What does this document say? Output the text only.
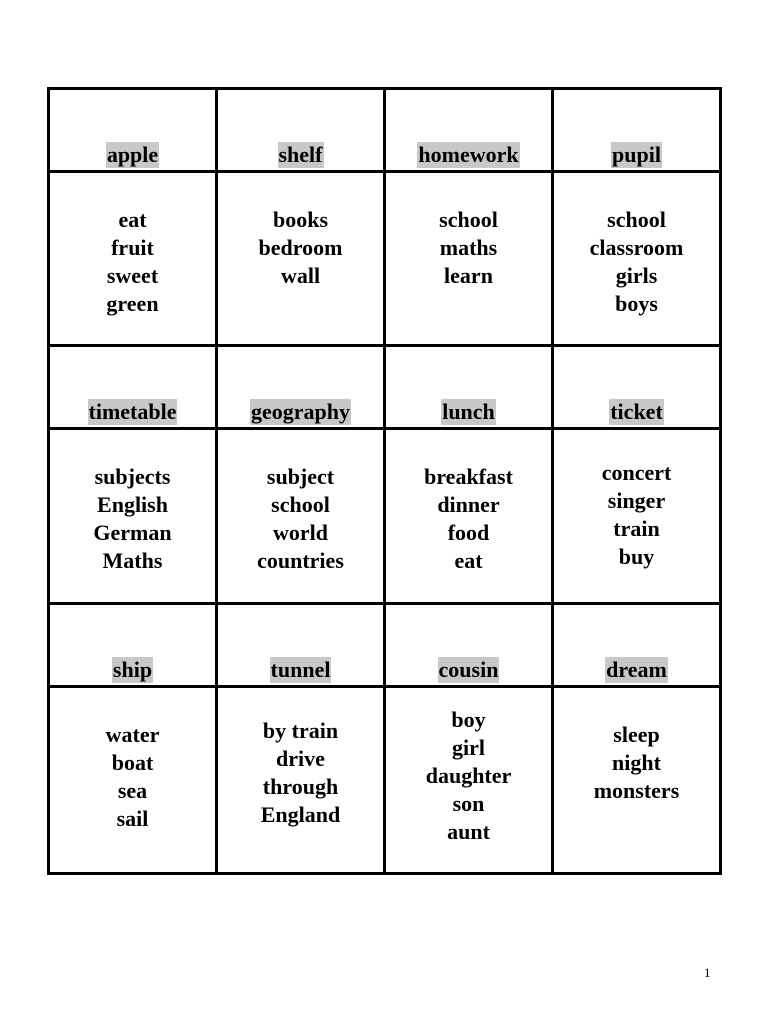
apple
eat
fruit
sweet
green
shelf
books
bedroom
wall
homework
school
maths
learn
pupil
school
classroom
girls
boys
timetable
subjects
English
German
Maths
geography
subject
school
world
countries
lunch
breakfast
dinner
food
eat
ticket
concert
singer
train
buy
ship
water
boat
sea
sail
tunnel
by train
drive
through
England
cousin
boy
girl
daughter
son
aunt
dream
sleep
night
monsters
1
